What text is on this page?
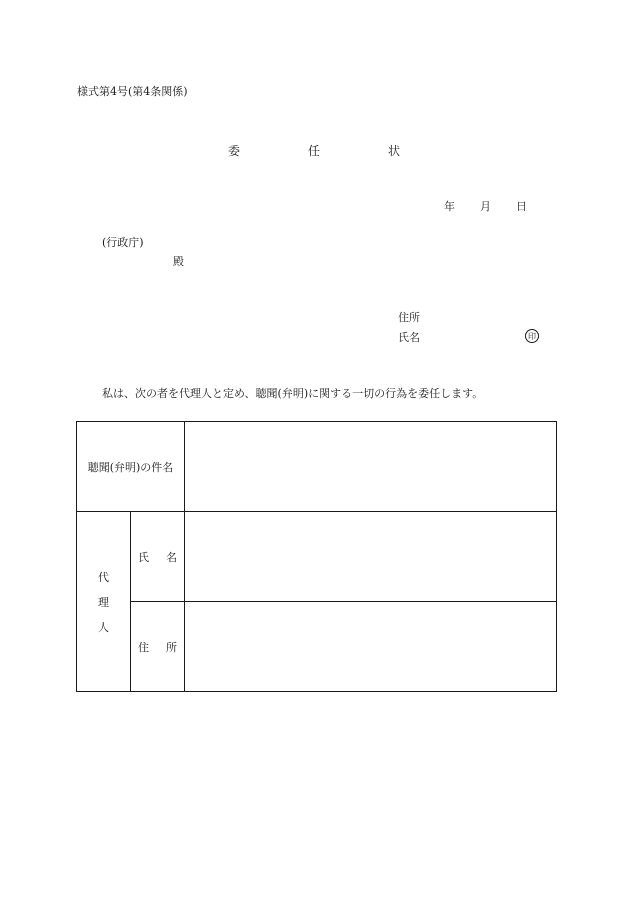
様式第4号(第4条関係)
委	任	状
年 月 日
(行政庁)
殿
住所
氏名	印
私は、次の者を代理人と定め、聴聞(弁明)に関する一切の行為を委任します。
聴聞(弁明)の件名		

代
理
人	氏 名	

	住 所	
